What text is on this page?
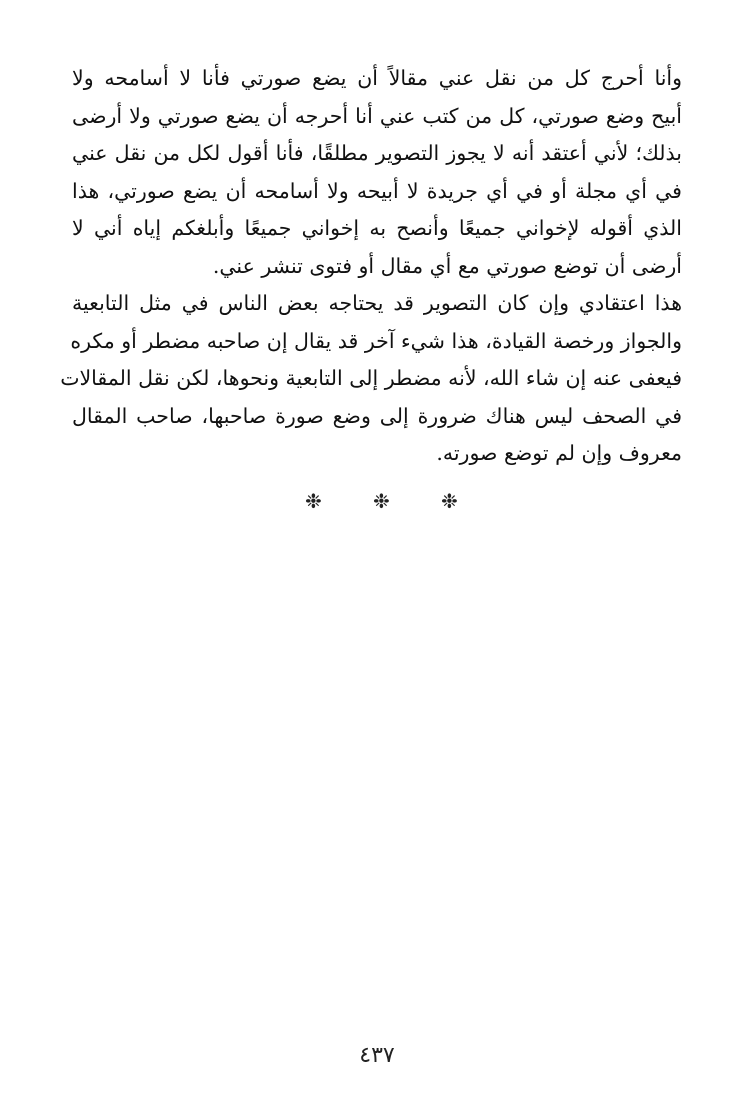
وأنا أحرج كل من نقل عني مقالاً أن يضع صورتي فأنا لا أسامحه ولا
أبيح وضع صورتي، كل من كتب عني أنا أحرجه أن يضع صورتي ولا أرضى
بذلك؛ لأني أعتقد أنه لا يجوز التصوير مطلقًا، فأنا أقول لكل من نقل عني
في أي مجلة أو في أي جريدة لا أبيحه ولا أسامحه أن يضع صورتي، هذا
الذي أقوله لإخواني جميعًا وأنصح به إخواني جميعًا وأبلغكم إياه أني لا
أرضى أن توضع صورتي مع أي مقال أو فتوى تنشر عني.
هذا اعتقادي وإن كان التصوير قد يحتاجه بعض الناس في مثل التابعية
والجواز ورخصة القيادة، هذا شيء آخر قد يقال إن صاحبه مضطر أو مكره
فيعفى عنه إن شاء الله، لأنه مضطر إلى التابعية ونحوها، لكن نقل المقالات
في الصحف ليس هناك ضرورة إلى وضع صورة صاحبها، صاحب المقال
معروف وإن لم توضع صورته.
❉	❉	❉
٤٣٧
